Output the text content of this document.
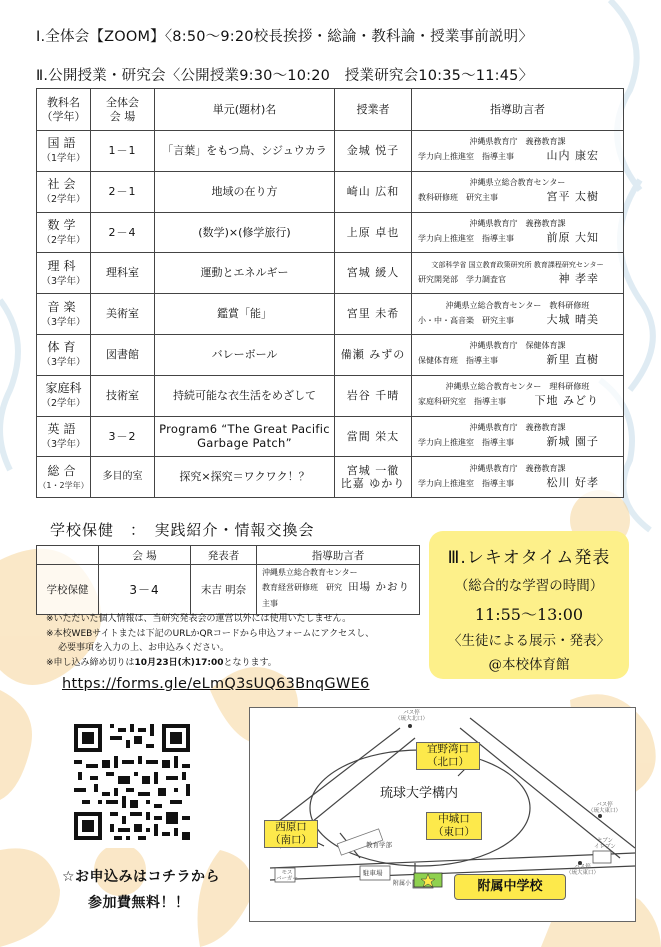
Ⅰ.全体会【ZOOM】〈8:50～9:20校長挨拶・総論・教科論・授業事前説明〉
Ⅱ.公開授業・研究会〈公開授業9:30～10:20　授業研究会10:35～11:45〉
教科名
（学年）	全体会
会 場	単元(題材)名	授業者	指導助言者

国語
（1学年）	1－1	「言葉」をもつ鳥、シジュウカラ	金城 悦子	沖縄県教育庁　義務教育課
学力向上推進室　指導主事 山内 康宏

社会
（2学年）	2－1	地域の在り方	崎山 広和	沖縄県立総合教育センター
教科研修班　研究主事 宮平 太樹

数学
（2学年）	2－4	(数学)×(修学旅行)	上原 卓也	沖縄県教育庁　義務教育課
学力向上推進室　指導主事 前原 大知

理科
（3学年）	理科室	運動とエネルギー	宮城 緩人	文部科学省 国立教育政策研究所 教育課程研究センター
研究開発部　学力調査官 神 孝幸

音楽
（3学年）	美術室	鑑賞「能」	宮里 未希	沖縄県立総合教育センター　教科研修班
小・中・高音楽　研究主事 大城 晴美

体育
（3学年）	図書館	バレーボール	備瀬 みずの	沖縄県教育庁　保健体育課
保健体育班　指導主事 新里 直樹

家庭科
（2学年）	技術室	持続可能な衣生活をめざして	岩谷 千晴	沖縄県立総合教育センター　理科研修班
家庭科研究室　指導主事 下地 みどり

英語
（3学年）	3－2	Program6 “The Great Pacific Garbage Patch”	當間 栄太	沖縄県教育庁　義務教育課
学力向上推進室　指導主事 新城 園子

総合
（1・2学年）	多目的室	探究×探究＝ワクワク！？	宮城 一徹
比嘉 ゆかり	沖縄県教育庁　義務教育課
学力向上推進室　指導主事 松川 好孝
学校保健　：　実践紹介・情報交換会
	会 場	発表者	指導助言者
学校保健	3－4	末吉 明奈	沖縄県立総合教育センター
教育経営研修班　研究主事
田場 かおり

※いただいた個人情報は、当研究発表会の運営以外には使用いたしません。

※本校WEBサイトまたは下記のURLかQRコードから申込フォームにアクセスし、

必要事項を入力の上、お申込みください。

※申し込み締め切りは10月23日(木)17:00となります。

https://forms.gle/eLmQ3sUQ63BnqGWE6
Ⅲ.レキオタイム発表
（総合的な学習の時間）
11:55～13:00
〈生徒による展示・発表〉
@本校体育館
☆お申込みはコチラから
参加費無料！！
琉球大学構内
宜野湾口
（北口）
西原口
（南口）
中城口
（東口）
附属中学校
教育学部
駐車場
附属小
バス停
（琉大北口）
バス停
（琉大東口）
バス停
（琉大東口）
セブン
イレブン
モス
バーガー
